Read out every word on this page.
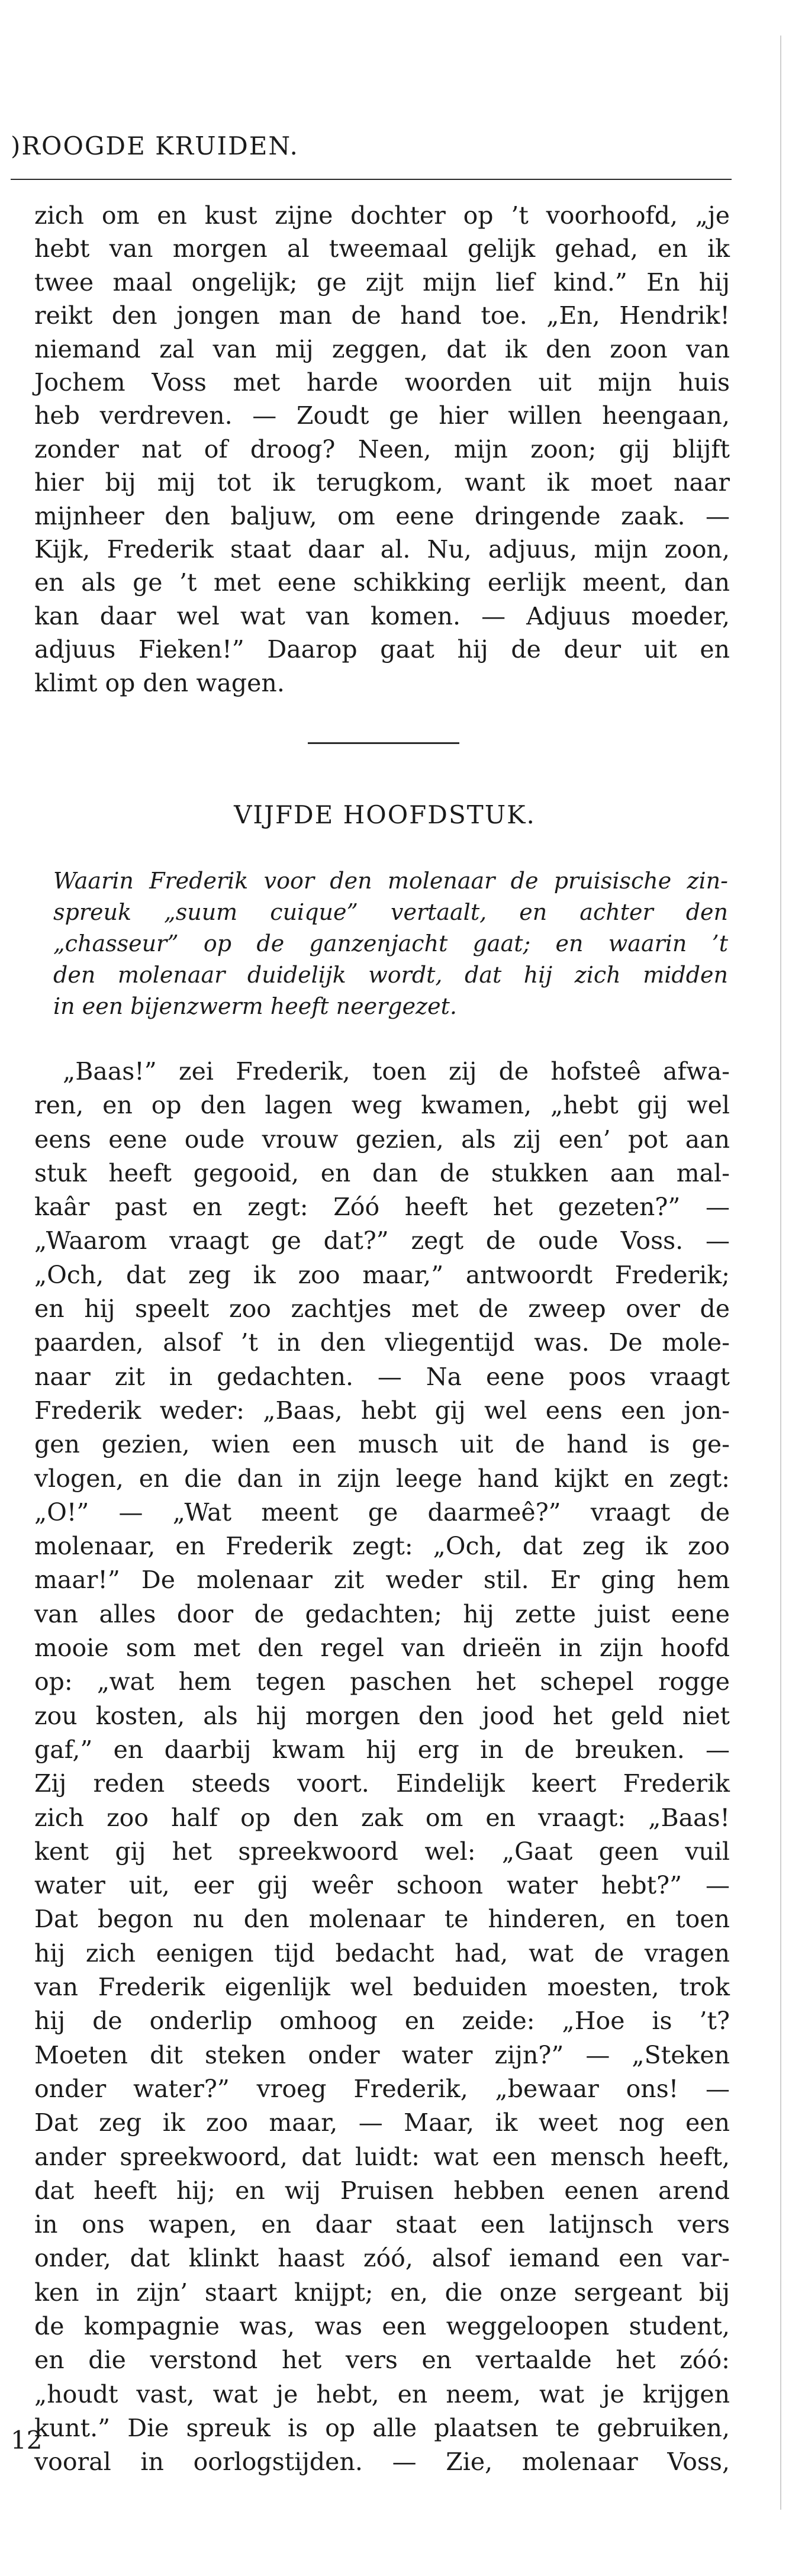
)ROOGDE KRUIDEN.
zich om en kust zijne dochter op ’t voorhoofd, „je
hebt van morgen al tweemaal gelijk gehad, en ik
twee maal ongelijk; ge zijt mijn lief kind.” En hij
reikt den jongen man de hand toe. „En, Hendrik!
niemand zal van mij zeggen, dat ik den zoon van
Jochem Voss met harde woorden uit mijn huis
heb verdreven. — Zoudt ge hier willen heengaan,
zonder nat of droog? Neen, mijn zoon; gij blijft
hier bij mij tot ik terugkom, want ik moet naar
mijnheer den baljuw, om eene dringende zaak. —
Kijk, Frederik staat daar al. Nu, adjuus, mijn zoon,
en als ge ’t met eene schikking eerlijk meent, dan
kan daar wel wat van komen. — Adjuus moeder,
adjuus Fieken!” Daarop gaat hij de deur uit en
klimt op den wagen.
VIJFDE HOOFDSTUK.
Waarin Frederik voor den molenaar de pruisische zin-
spreuk „suum cuique” vertaalt, en achter den
„chasseur” op de ganzenjacht gaat; en waarin ’t
den molenaar duidelijk wordt, dat hij zich midden
in een bijenzwerm heeft neergezet.
„Baas!” zei Frederik, toen zij de hofsteê afwa-
ren, en op den lagen weg kwamen, „hebt gij wel
eens eene oude vrouw gezien, als zij een’ pot aan
stuk heeft gegooid, en dan de stukken aan mal-
kaâr past en zegt: Zóó heeft het gezeten?” —
„Waarom vraagt ge dat?” zegt de oude Voss. —
„Och, dat zeg ik zoo maar,” antwoordt Frederik;
en hij speelt zoo zachtjes met de zweep over de
paarden, alsof ’t in den vliegentijd was. De mole-
naar zit in gedachten. — Na eene poos vraagt
Frederik weder: „Baas, hebt gij wel eens een jon-
gen gezien, wien een musch uit de hand is ge-
vlogen, en die dan in zijn leege hand kijkt en zegt:
„O!” — „Wat meent ge daarmeê?” vraagt de
molenaar, en Frederik zegt: „Och, dat zeg ik zoo
maar!” De molenaar zit weder stil. Er ging hem
van alles door de gedachten; hij zette juist eene
mooie som met den regel van drieën in zijn hoofd
op: „wat hem tegen paschen het schepel rogge
zou kosten, als hij morgen den jood het geld niet
gaf,” en daarbij kwam hij erg in de breuken. —
Zij reden steeds voort. Eindelijk keert Frederik
zich zoo half op den zak om en vraagt: „Baas!
kent gij het spreekwoord wel: „Gaat geen vuil
water uit, eer gij weêr schoon water hebt?” —
Dat begon nu den molenaar te hinderen, en toen
hij zich eenigen tijd bedacht had, wat de vragen
van Frederik eigenlijk wel beduiden moesten, trok
hij de onderlip omhoog en zeide: „Hoe is ’t?
Moeten dit steken onder water zijn?” — „Steken
onder water?” vroeg Frederik, „bewaar ons! —
Dat zeg ik zoo maar, — Maar, ik weet nog een
ander spreekwoord, dat luidt: wat een mensch heeft,
dat heeft hij; en wij Pruisen hebben eenen arend
in ons wapen, en daar staat een latijnsch vers
onder, dat klinkt haast zóó, alsof iemand een var-
ken in zijn’ staart knijpt; en, die onze sergeant bij
de kompagnie was, was een weggeloopen student,
en die verstond het vers en vertaalde het zóó:
„houdt vast, wat je hebt, en neem, wat je krijgen
kunt.” Die spreuk is op alle plaatsen te gebruiken,
vooral in oorlogstijden. — Zie, molenaar Voss,
12
